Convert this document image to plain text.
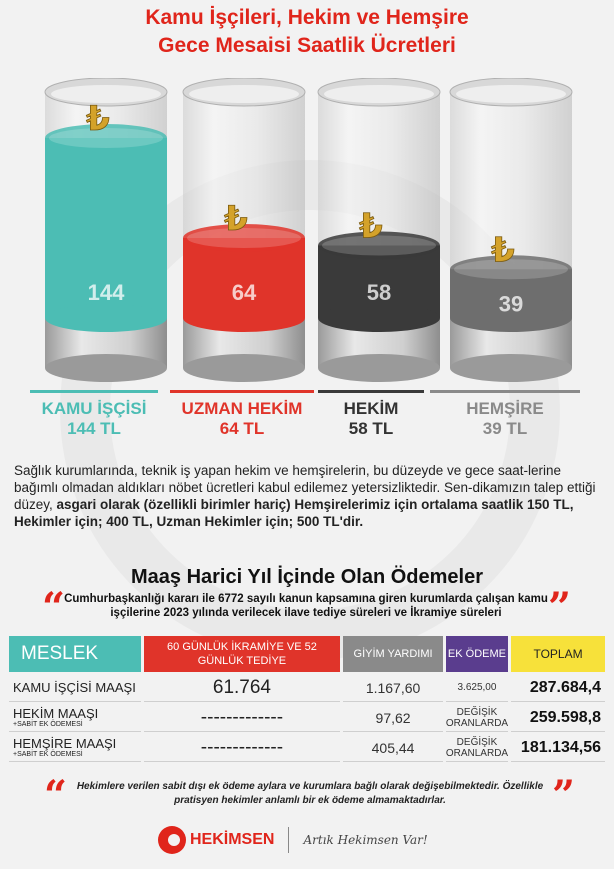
Kamu İşçileri, Hekim ve Hemşire
Gece Mesaisi Saatlik Ücretleri
₺
144
₺
64
₺
58
₺
39
KAMU İŞÇİSİ
144 TL
UZMAN HEKİM
64 TL
HEKİM
58 TL
HEMŞİRE
39 TL
Sağlık kurumlarında, teknik iş yapan hekim ve hemşirelerin, bu düzeyde ve gece saat-lerine bağımlı olmadan aldıkları nöbet ücretleri kabul edilemez yetersizliktedir. Sen-dikamızın talep ettiği düzey, asgari olarak (özellikli birimler hariç) Hemşirelerimiz için ortalama saatlik 150 TL, Hekimler için; 400 TL, Uzman Hekimler için; 500 TL'dir.
Maaş Harici Yıl İçinde Olan Ödemeler
“ Cumhurbaşkanlığı kararı ile 6772 sayılı kanun kapsamına giren kurumlarda çalışan kamu işçilerine 2023 yılında verilecek ilave tediye süreleri ve İkramiye süreleri	”
MESLEK	60 GÜNLÜK İKRAMİYE VE 52 GÜNLÜK TEDİYE	GİYİM YARDIMI	EK ÖDEME	TOPLAM
KAMU İŞÇİSİ MAAŞI	61.764	1.167,60	3.625,00	287.684,4
HEKİM MAAŞI
+SABİT EK ÖDEMESİ	-------------	97,62	DEĞİŞİK ORANLARDA	259.598,8
HEMŞİRE MAAŞI
+SABİT EK ÖDEMESİ	-------------	405,44	DEĞİŞİK ORANLARDA	181.134,56
“ Hekimlere verilen sabit dışı ek ödeme aylara ve kurumlara bağlı olarak değişebilmektedir. Özellikle pratisyen hekimler anlamlı bir ek ödeme almamaktadırlar.	”
HEKİMSEN Artık Hekimsen Var!
